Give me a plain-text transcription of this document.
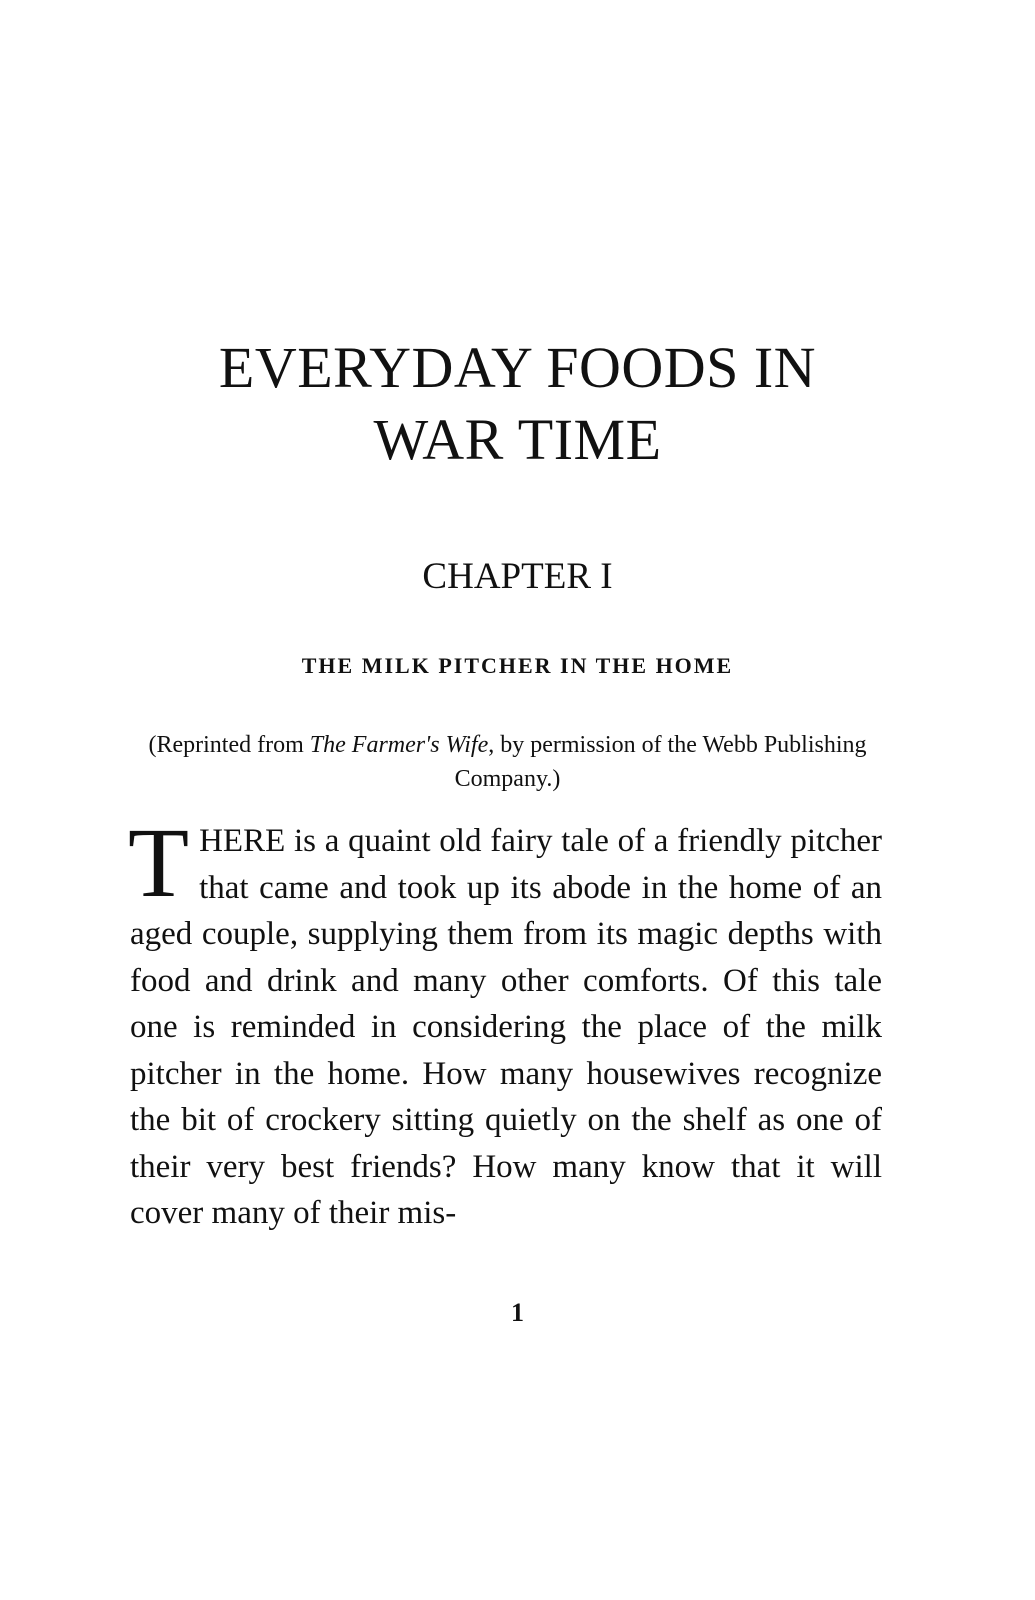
EVERYDAY FOODS IN
WAR TIME
CHAPTER I
THE MILK PITCHER IN THE HOME

(Reprinted from The Farmer's Wife, by permission of the Webb Publishing Company.)

THERE is a quaint old fairy tale of a friendly pitcher that came and took up its abode in the home of an aged couple, supplying them from its magic depths with food and drink and many other comforts. Of this tale one is reminded in considering the place of the milk pitcher in the home. How many housewives recognize the bit of crockery sitting quietly on the shelf as one of their very best friends? How many know that it will cover many of their mis-

1
